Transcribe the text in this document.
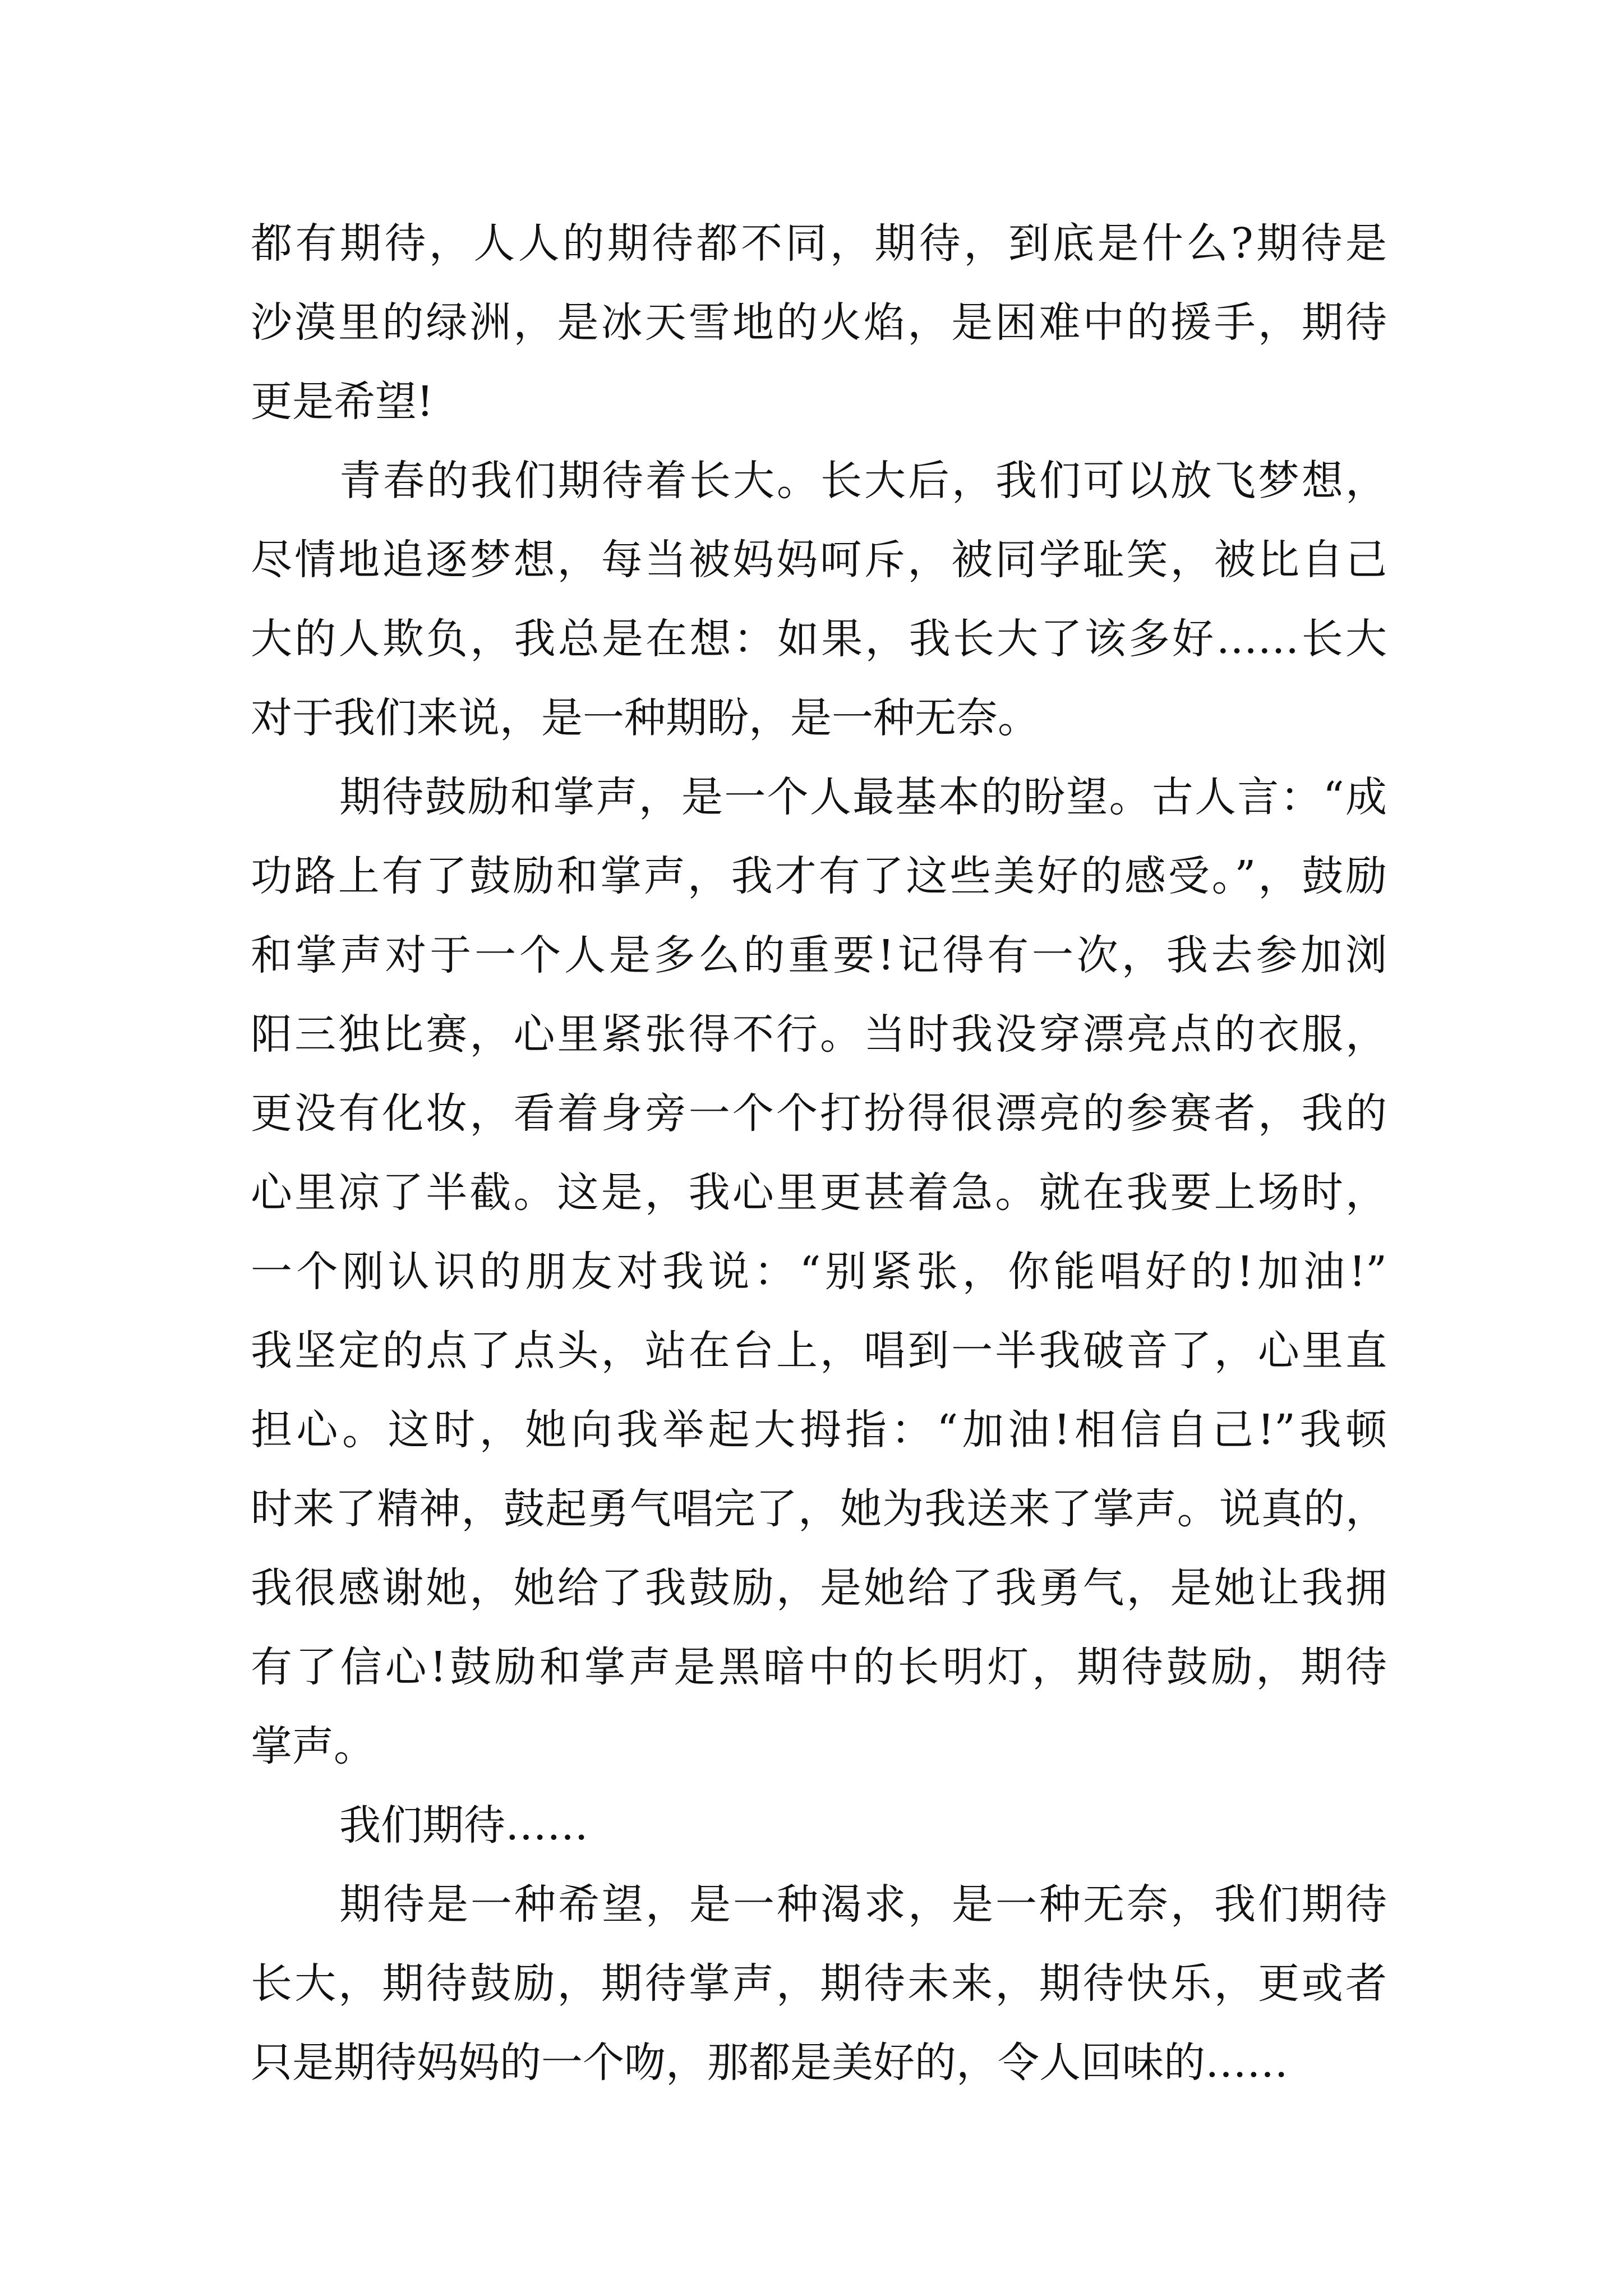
都有期待，人人的期待都不同，期待，到底是什么?期待是
沙漠里的绿洲，是冰天雪地的火焰，是困难中的援手，期待
更是希望!
青春的我们期待着长大。长大后，我们可以放飞梦想，
尽情地追逐梦想，每当被妈妈呵斥，被同学耻笑，被比自己
大的人欺负，我总是在想：如果，我长大了该多好……长大
对于我们来说，是一种期盼，是一种无奈。
期待鼓励和掌声，是一个人最基本的盼望。古人言：“成
功路上有了鼓励和掌声，我才有了这些美好的感受。”，鼓励
和掌声对于一个人是多么的重要!记得有一次，我去参加浏
阳三独比赛，心里紧张得不行。当时我没穿漂亮点的衣服，
更没有化妆，看着身旁一个个打扮得很漂亮的参赛者，我的
心里凉了半截。这是，我心里更甚着急。就在我要上场时，
一个刚认识的朋友对我说：“别紧张，你能唱好的!加油!”
我坚定的点了点头，站在台上，唱到一半我破音了，心里直
担心。这时，她向我举起大拇指：“加油!相信自己!”我顿
时来了精神，鼓起勇气唱完了，她为我送来了掌声。说真的，
我很感谢她，她给了我鼓励，是她给了我勇气，是她让我拥
有了信心!鼓励和掌声是黑暗中的长明灯，期待鼓励，期待
掌声。
我们期待……
期待是一种希望，是一种渴求，是一种无奈，我们期待
长大，期待鼓励，期待掌声，期待未来，期待快乐，更或者
只是期待妈妈的一个吻，那都是美好的，令人回味的……
